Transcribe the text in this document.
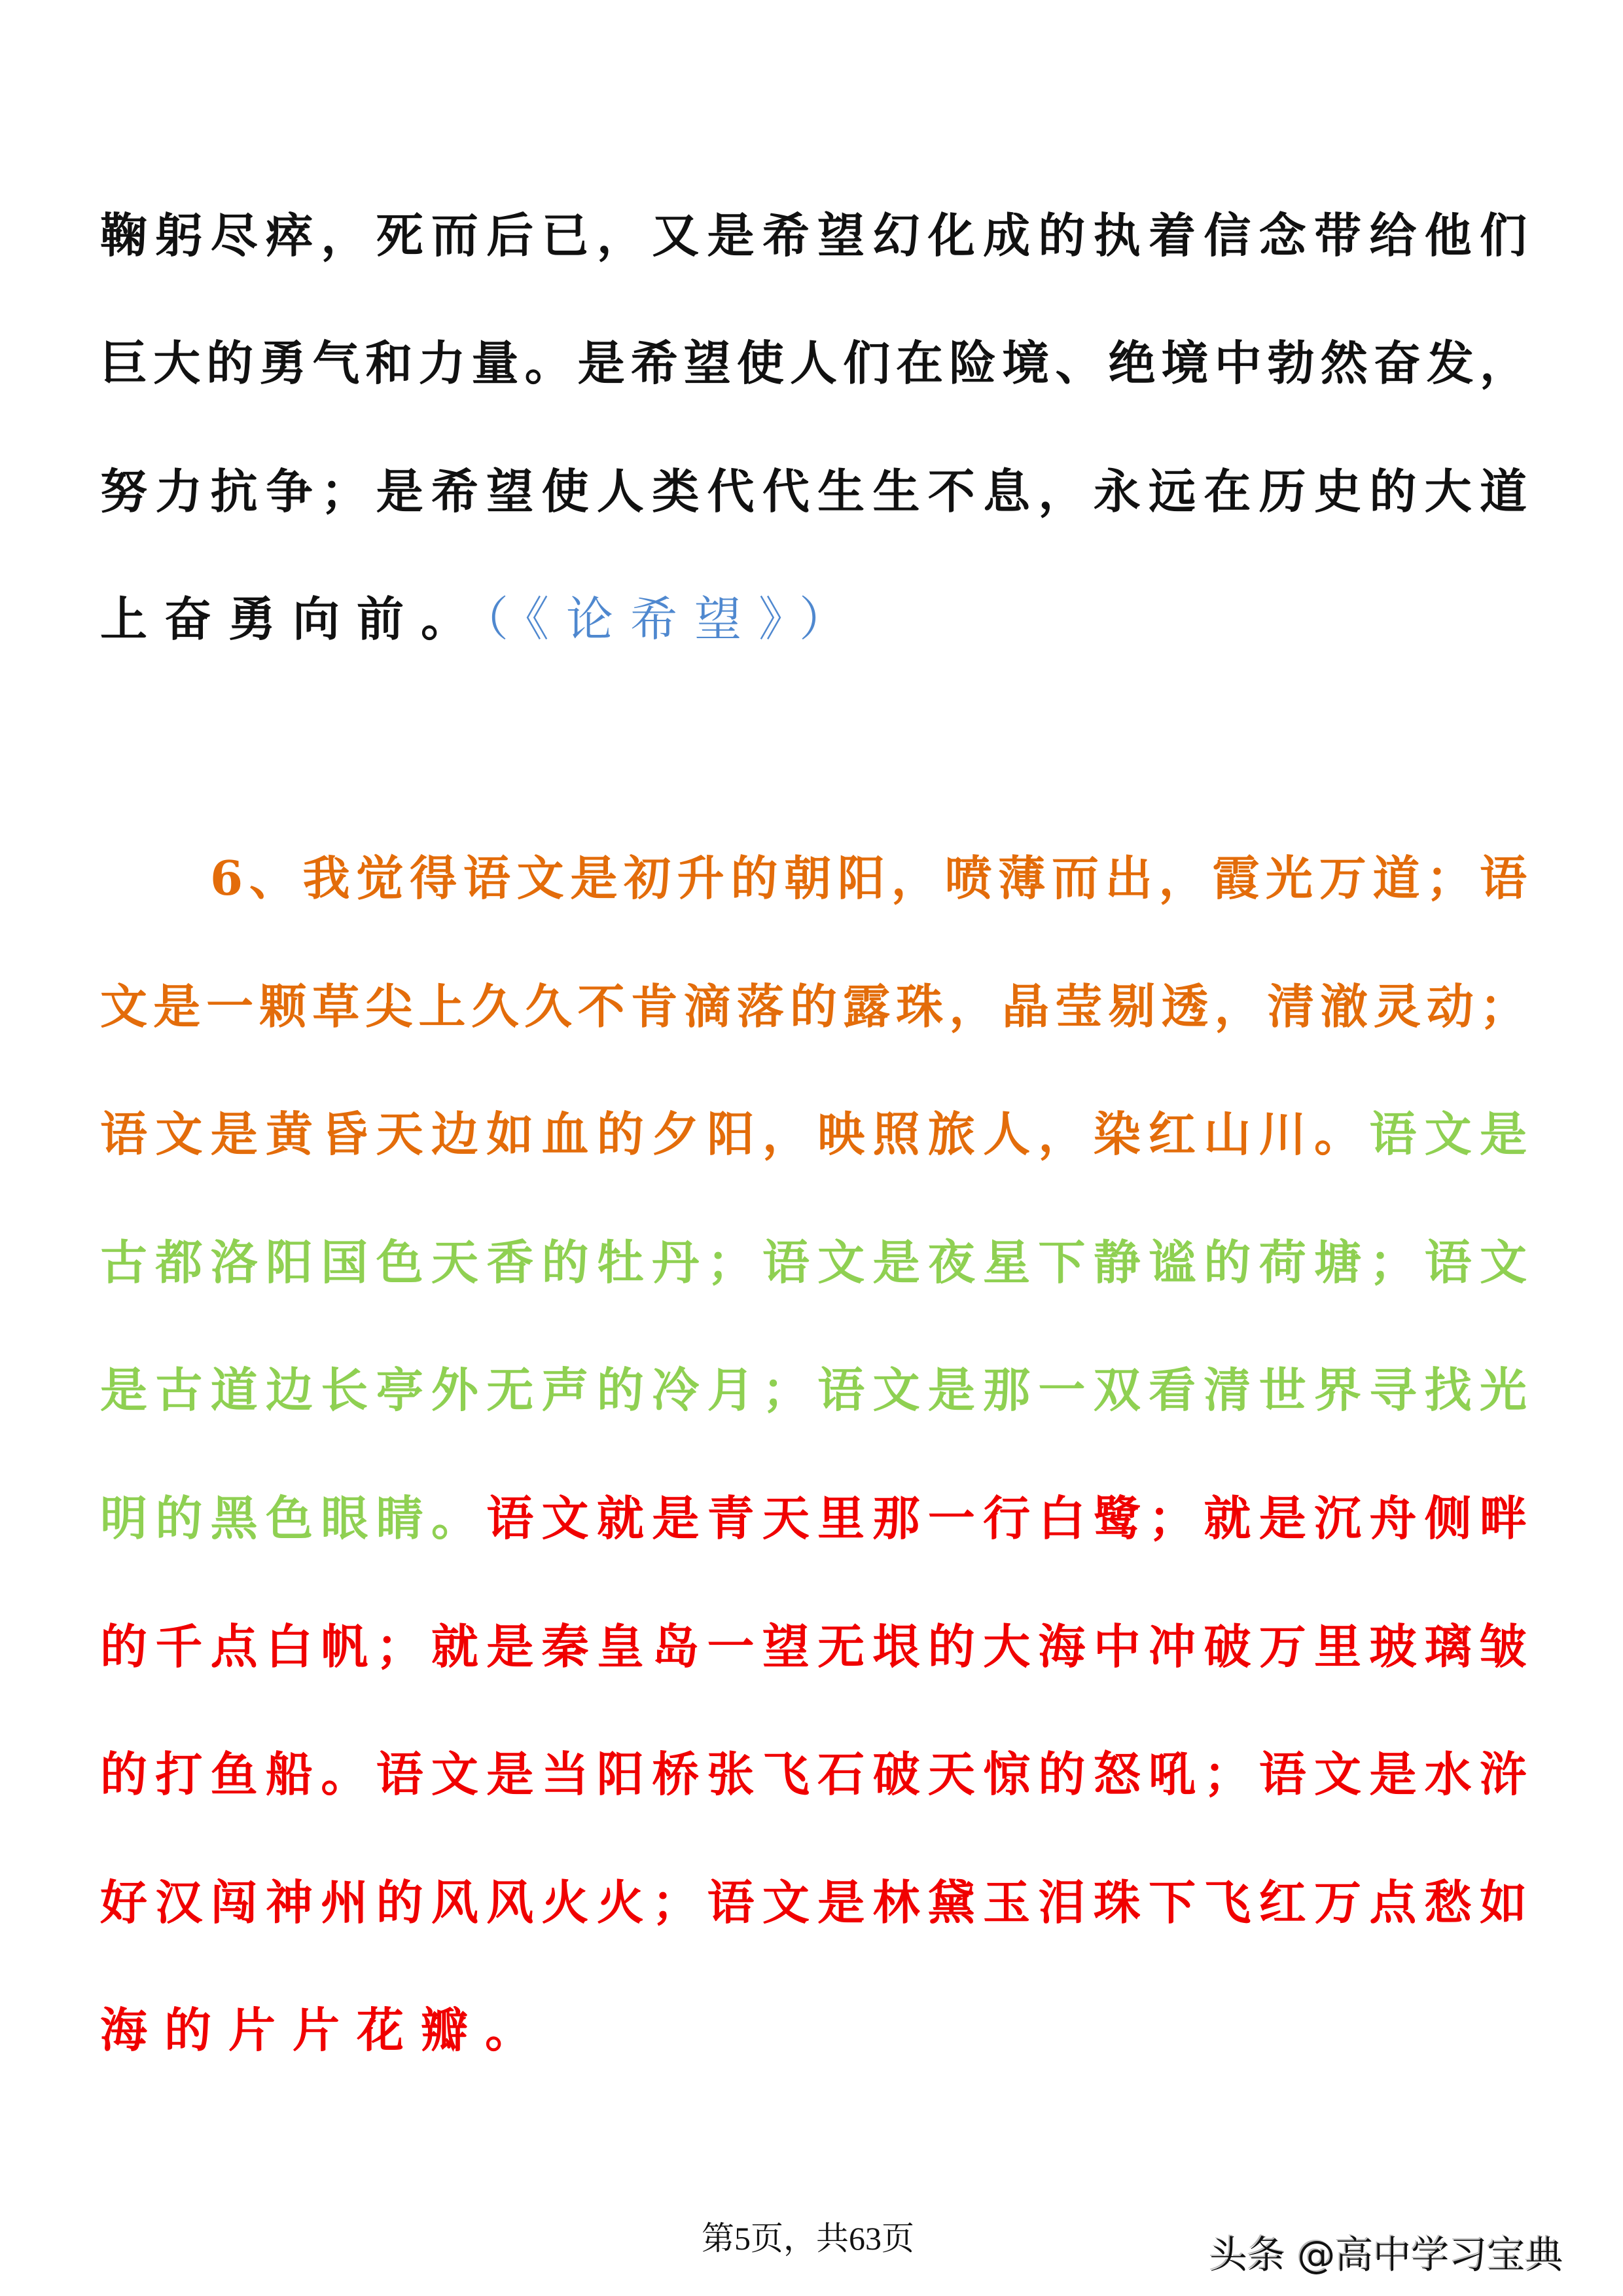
鞠躬尽瘁，死而后已，又是希望幻化成的执着信念带给他们
巨大的勇气和力量。是希望使人们在险境、绝境中勃然奋发，
努力抗争；是希望使人类代代生生不息，永远在历史的大道
上奋勇向前。（《论希望》）
6、我觉得语文是初升的朝阳，喷薄而出，霞光万道；语
文是一颗草尖上久久不肯滴落的露珠，晶莹剔透，清澈灵动；
语文是黄昏天边如血的夕阳，映照旅人，染红山川。语文是
古都洛阳国色天香的牡丹；语文是夜星下静谧的荷塘；语文
是古道边长亭外无声的冷月；语文是那一双看清世界寻找光
明的黑色眼睛。语文就是青天里那一行白鹭；就是沉舟侧畔
的千点白帆；就是秦皇岛一望无垠的大海中冲破万里玻璃皱
的打鱼船。语文是当阳桥张飞石破天惊的怒吼；语文是水浒
好汉闯神州的风风火火；语文是林黛玉泪珠下飞红万点愁如
海的片片花瓣。
第5页，共63页	头条 @高中学习宝典
